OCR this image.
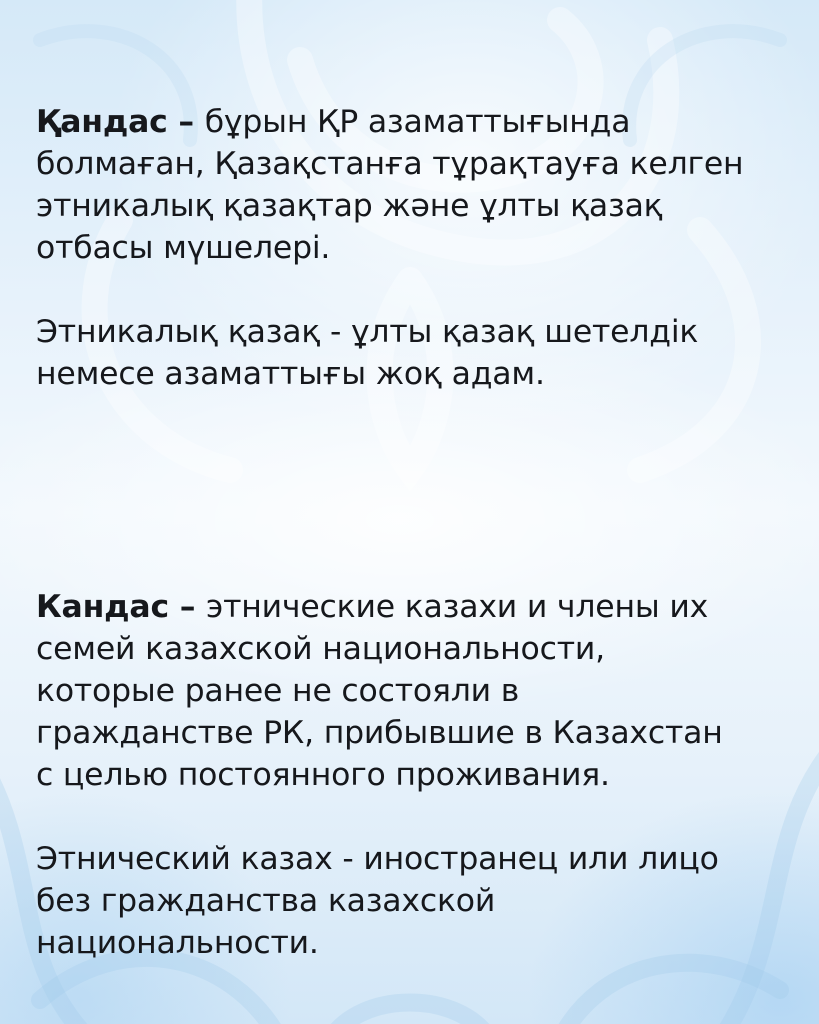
Қандас – бұрын ҚР азаматтығында
болмаған, Қазақстанға тұрақтауға келген
этникалық қазақтар және ұлты қазақ
отбасы мүшелері.

Этникалық қазақ - ұлты қазақ шетелдік
немесе азаматтығы жоқ адам.

Кандас – этнические казахи и члены их
семей казахской национальности,
которые ранее не состояли в
гражданстве РК, прибывшие в Казахстан
с целью постоянного проживания.

Этнический казах - иностранец или лицо
без гражданства казахской
национальности.
